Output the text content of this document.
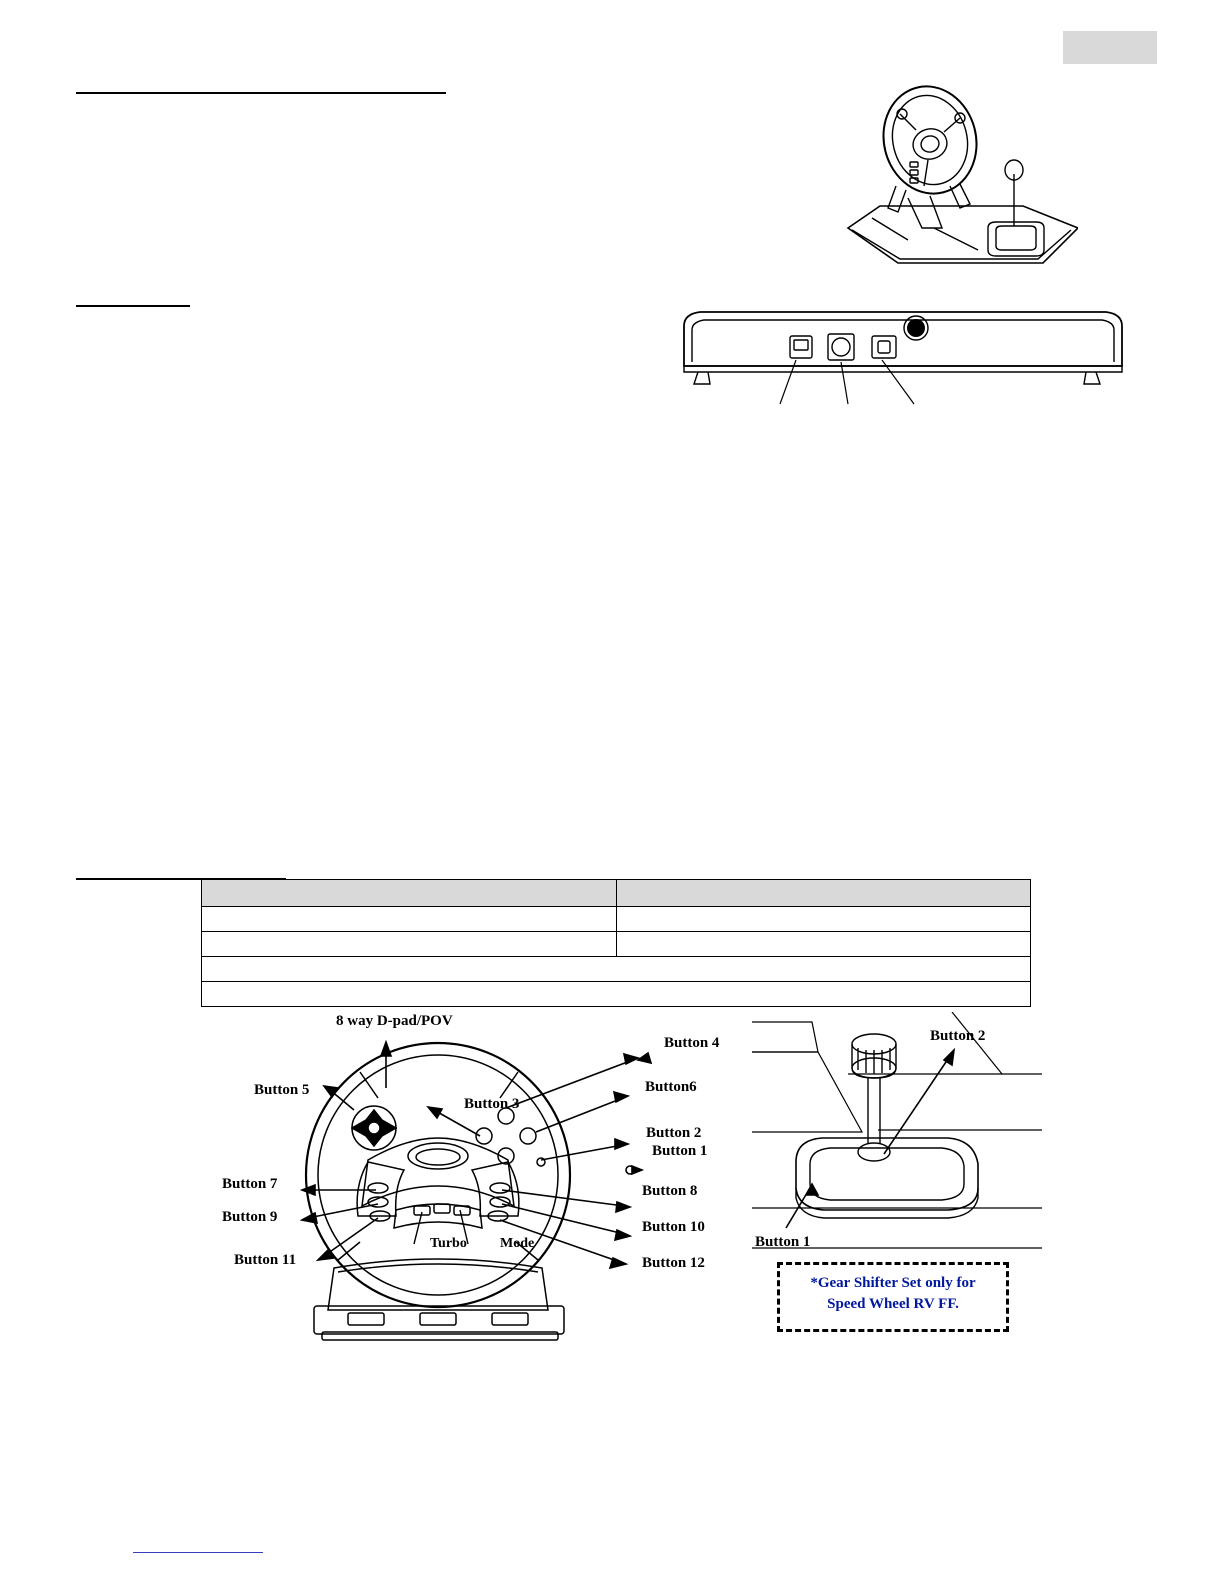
8 way D-pad/POV
Button 5
Button 3
Button 4
Button6
Button 2
Button 1
Button 7
Button 9
Button 11
Button 8
Button 10
Button 12
Turbo Mode
Button 2
Button 1
*Gear Shifter Set only for
Speed Wheel RV FF.
